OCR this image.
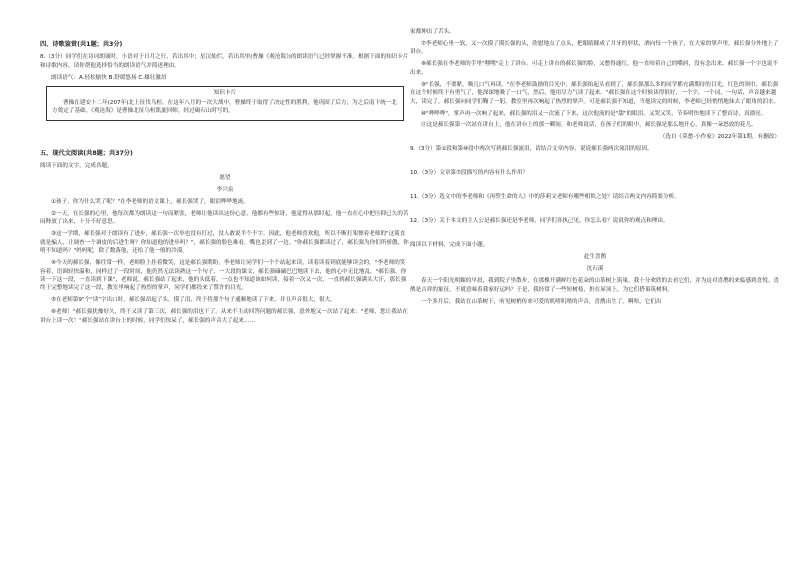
四、诗歌鉴赏(共1题；共3分)

8.（3分）同学们在诗词朗诵时，小语对于日月之行，若出其中；星汉灿烂，若出其里(曹操《观沧海》)的朗读语气已经掌握不准。根据下面的知识卡片和诗歌内容，请你帮他选择恰当的朗读语气并简述理由。

朗读语气：A.轻松愉快 B.舒缓悠扬 C.雄壮激昂

知识卡片
曹操在建安十二年(207年)北上征伐乌桓。在这年八月的一次大战中，曹操终于取得了决定性的胜利，他巩固了后方，为之后南下统一北方奠定了基础。《观沧海》是曹操北征乌桓凯旋回师，经过碣石山时写的。

五、现代文阅读(共8题；共37分)

阅读下面的文字，完成各题。

愿望

李兴泉

①孩子，你为什么哭了呢？"在李老师的语文课上，郝长强哭了，眼泪哗哗地流。

②一天，在长强的心里，他每次都为朗读这一句而紧张，老师让他读出这份心意，他都有些惊讶，他觉得从那时起，他一直在心中把压抑已久的苦闷释放了出来，十分不好意思。

③这一学期，郝长强对于朗读有了进步，郝长强一次举也没有打过，没人敢说半个不字。因此，他老师喜欢他，所以不断打架擦着老师的"这简直就是骗人，让调查一个调皮的后进生呀？你知道他的进步吗？"，郝长强的脸色难看，嘴也歪到了一边。"你郝长强都读过了，郝长强为你们所骄傲，你明不知道吗？"妈妈呢，除了数落他，还给了他一般的冷漠。

④今天的郝长强，像往常一样，老师脸上挂着微笑，这是郝长强期盼，李老师让同学们一个个站起来读，读着读着到底能够读会的。"李老师的笑容着，语调轻快温和，同样过了一段时间，他仍然无法读熟这一个句子，一大段的课文，郝长强磕磕巴巴地读下去，他的心中无比地乱，"郝长强，你读一下这一段，一直读到下课"，老师说。郝长强站了起来，他的头低着，一点也不知道该如何读，接着一次又一次，一直到郝长强满头大汗，那长强终于完整地读完了这一段，教室里响起了热烈的掌声，同学们都投来了赞许的目光。

⑤在老师第9"个"读"字出口时，郝长强昂起了头，摸了泪，终于将那个句子通顺地读了下来，并且声音很大，很大。

⑥老师！"郝长强犹豫好久，终于又读了第三次，郝长强的泪也干了。从来不主动回答问题的郝长强，意外地又一次站了起来："老师，您让我站在讲台上读一次！"郝长强站在讲台上的时候，同学们惊呆了，郝长强的声音大了起来……

家都伸出了舌头。

⑦李老师心里一软，又一次摸了摸长强的头，欣慰地点了点头，把眼睛眯成了月牙的形状，酒向每一个孩子，在大家的掌声里，郝长强分外地上了讲台。

⑧郝长强在李老师的手里"嘿嘿"走上了讲台。可走上讲台的郝长强的脸，又憋得通红，他一直咬着自己的嘴唇，没有念出来，郝长强一个字也说不出来。

⑨"长强，不要紧，吸几口气再读。"在李老师鼓励的目光中，郝长强抬起头看到了，郝长强那么多的同学都充满期待的目光，红色的领巾，郝长强在这个时候终于有勇气了，他深深地吸了一口气，然后，他用尽力气读了起来。"郝长强在这个时候读得很好，一个字，一个词，一句话，声音越来越大，读完了，郝长强向同学们鞠了一躬，教室里再次响起了热烈的掌声。可是郝长强不知道，当他读完的时候，李老师已经悄悄地抹去了眼角的泪水。

⑩"哗哗哗"，掌声再一次响了起来，郝长强的泪又一次流了下来，这次他流的是"甜"的眼泪，又哭又笑，节奏明快地读下了整首诗，真漂亮。

⑪这是郝长强第一次站在讲台上，他在讲台上的那一瞬间，和老师说话，在孩子们的眼中，郝长强是那么地开心，真像一朵怒放的花儿。

（选自《莫愁·小作家》2022年第1期，有删改）

9.（3分）第①段和第⑩段中两次写到郝长强流泪，请结合文章内容，说说郝长强两次流泪的原因。

10.（3分）文章第⑦段描写的内容有什么作用？

11.（3分）选文中的李老师和《再塑生命的人》中的莎莉文老师有哪些相似之处？请结合两文内容简要分析。

12.（3分）关于本文的主人公是郝长强还是李老师，同学们各执己见，你怎么看？说说你的观点和理由。

阅读以下材料，完成下面小题。

赶生喜鹊

沈石溪

春天一个阳光明媚的早晨，我到院子里散步，在那棵开满鲜红色花朵的山茶树上筑巢。我十分欢欣的去看它们，并为这对喜鹊的来临感到喜悦。喜鹊是吉祥的象征，不就意味着我家好运吗？于是，我经常了一些短树枝，扔在屋顶上，为它们搭巢筑树料。

一个多月后，我站在山茶树下，听见树梢传来可爱的叽喳叽喳的声音，喜鹊出生了。啊哈，它们出
